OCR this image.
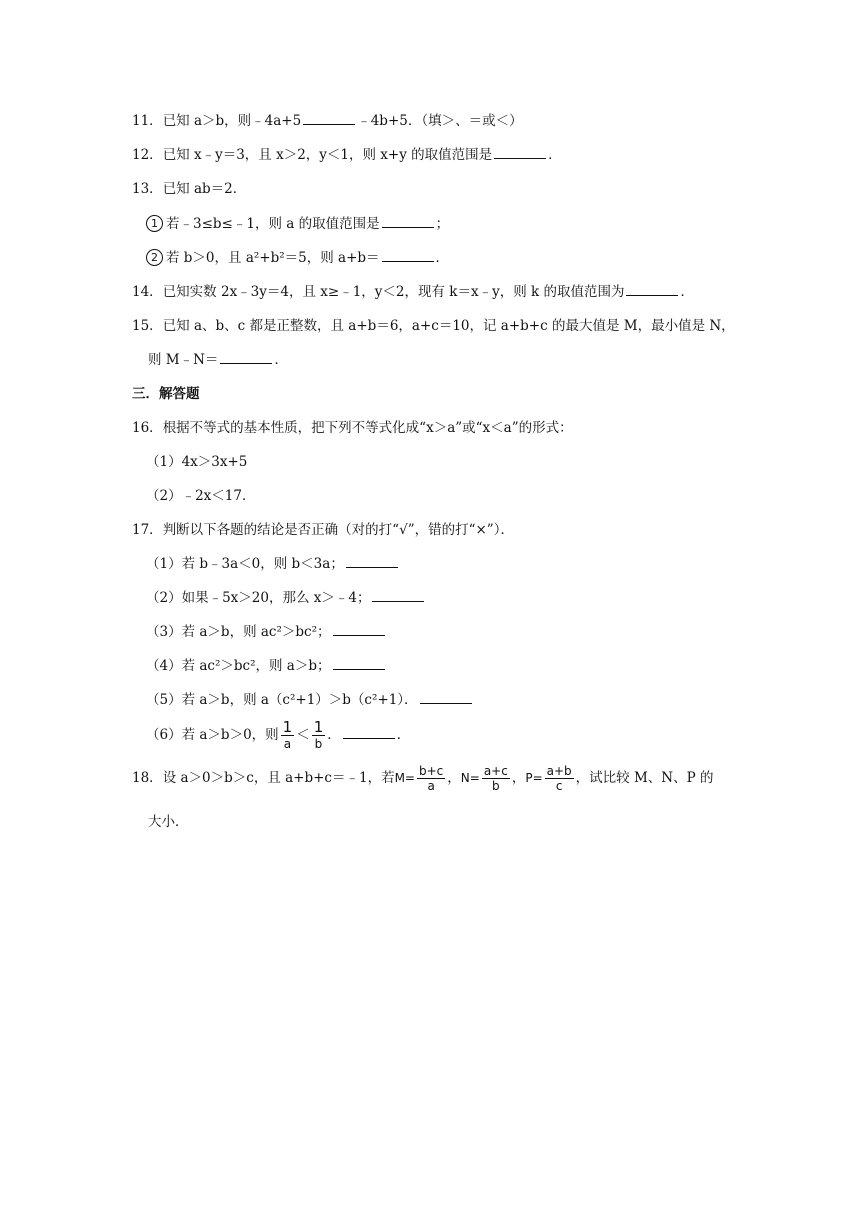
11．已知 a＞b，则﹣4a+5	﹣4b+5．（填＞、＝或＜）
12．已知 x﹣y＝3，且 x＞2，y＜1，则 x+y 的取值范围是	．
13．已知 ab＝2．
1 若﹣3≤b≤﹣1，则 a 的取值范围是	；
2 若 b＞0，且 a²+b²＝5，则 a+b＝	．
14．已知实数 2x﹣3y＝4，且 x≥﹣1，y＜2，现有 k＝x﹣y，则 k 的取值范围为	．
15．已知 a、b、c 都是正整数，且 a+b＝6，a+c＝10，记 a+b+c 的最大值是 M，最小值是 N，
则 M﹣N＝	．
三．解答题
16．根据不等式的基本性质，把下列不等式化成“x＞a”或“x＜a”的形式：
（1）4x＞3x+5
（2）﹣2x＜17．
17．判断以下各题的结论是否正确（对的打“√”，错的打“×”）．
（1）若 b﹣3a＜0，则 b＜3a；
（2）如果﹣5x＞20，那么 x＞﹣4；
（3）若 a＞b，则 ac²＞bc²；
（4）若 ac²＞bc²，则 a＞b；
（5）若 a＞b，则 a（c²+1）＞b（c²+1）．
（6）若 a＞b＞0，则 $\frac{1}{a} < \frac{1}{b}$ ．	．
18．设 a＞0＞b＞c，且 a+b+c＝﹣1，若 $M= \frac{b+c}{a}$ ， $N= \frac{a+c}{b}$ ， $P= \frac{a+b}{c}$ ，试比较 M、N、P 的
大小．
